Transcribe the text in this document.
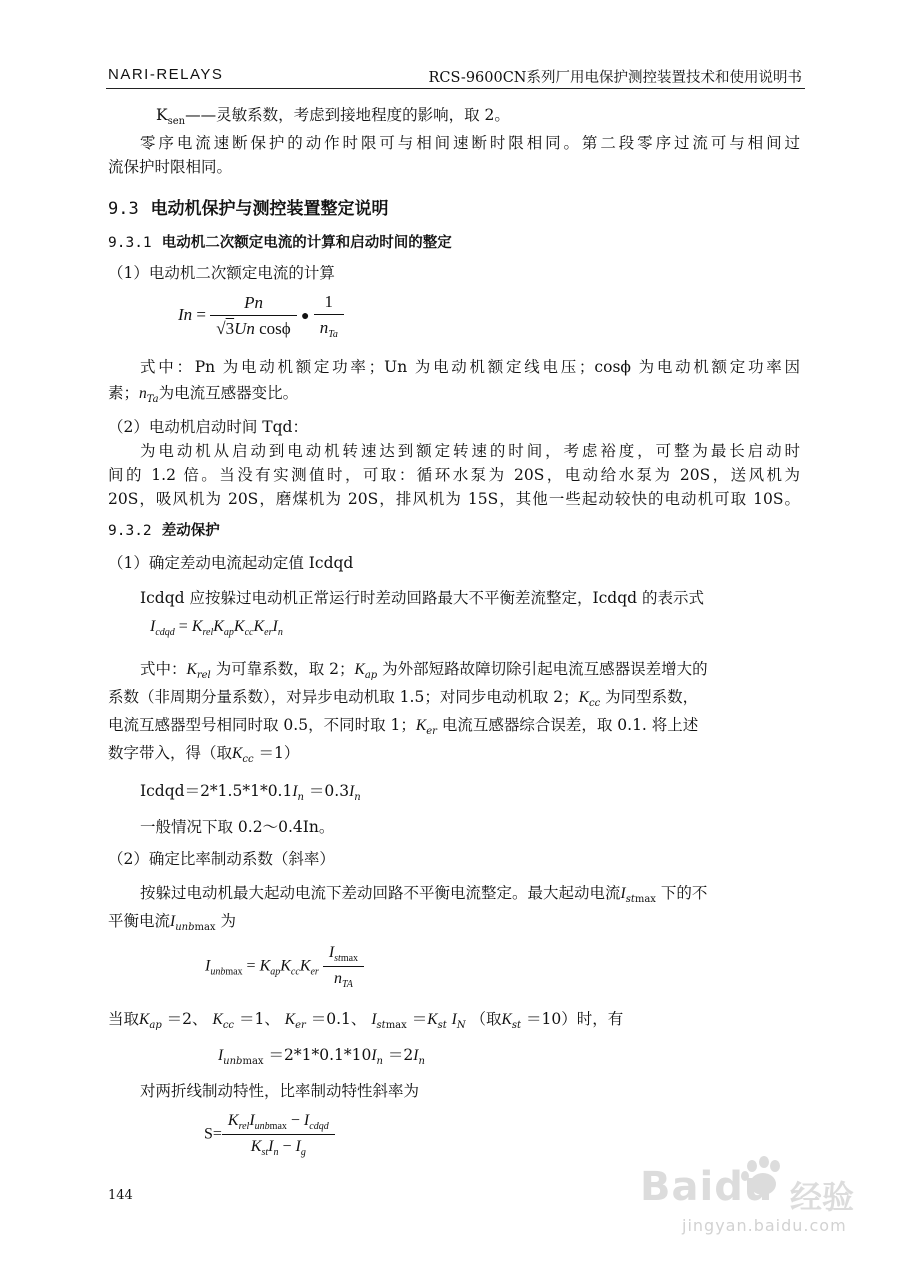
NARI-RELAYS	RCS-9600CN系列厂用电保护测控装置技术和使用说明书
$K_{sen}——$灵敏系数，考虑到接地程度的影响，取 2。
零序电流速断保护的动作时限可与相间速断时限相同。第二段零序过流可与相间过
流保护时限相同。
9.3 电动机保护与测控装置整定说明
9.3.1 电动机二次额定电流的计算和启动时间的整定
（1）电动机二次额定电流的计算
$In = \frac{Pn}{\text{√3Un cosϕ}}$ ● $\frac{1}{n_{Ta}}$
式中：Pn 为电动机额定功率；Un 为电动机额定线电压；cosϕ 为电动机额定功率因
素；$n_{Ta}$为电流互感器变比。
（2）电动机启动时间 Tqd：
为电动机从启动到电动机转速达到额定转速的时间，考虑裕度，可整为最长启动时
间的 1.2 倍。当没有实测值时，可取：循环水泵为 20S，电动给水泵为 20S，送风机为
20S，吸风机为 20S，磨煤机为 20S，排风机为 15S，其他一些起动较快的电动机可取 10S。
9.3.2 差动保护
（1）确定差动电流起动定值 Icdqd
Icdqd 应按躲过电动机正常运行时差动回路最大不平衡差流整定，Icdqd 的表示式
$I_{cdqd} = K_{rel}K_{ap}K_{cc}K_{er}I_n$
式中：$K_{rel}$ 为可靠系数，取 2；$K_{ap}$ 为外部短路故障切除引起电流互感器误差增大的
系数（非周期分量系数），对异步电动机取 1.5；对同步电动机取 2；$K_{cc}$ 为同型系数，
电流互感器型号相同时取 0.5，不同时取 1；$K_{er}$ 电流互感器综合误差，取 0.1. 将上述
数字带入，得（取$K_{cc} =1$）
$Icdqd=2*1.5*1*0.1I_n =0.3I_n$
一般情况下取 0.2～0.4In。
（2）确定比率制动系数（斜率）
按躲过电动机最大起动电流下差动回路不平衡电流整定。最大起动电流$I_{stmax}$ 下的不
平衡电流$I_{unbmax}$ 为
$I_{unbmax} = K_{ap}K_{cc}K_{er} \frac{I_{stmax}}{n_{TA}}$
当取$K_{ap} =2$、 $K_{cc} =1$、 $K_{er} =0.1$、 $I_{stmax} =K_{st}$ $I_N$ （取$K_{st} =10$）时，有
$I_{unbmax} =2*1*0.1*10I_n =2I_n$
对两折线制动特性，比率制动特性斜率为
$S= \frac{K_{rel}I_{unbmax} - I_{cdqd}}{K_{st}I_n - I_g}$
144	Baidu 经验
jingyan.baidu.com
